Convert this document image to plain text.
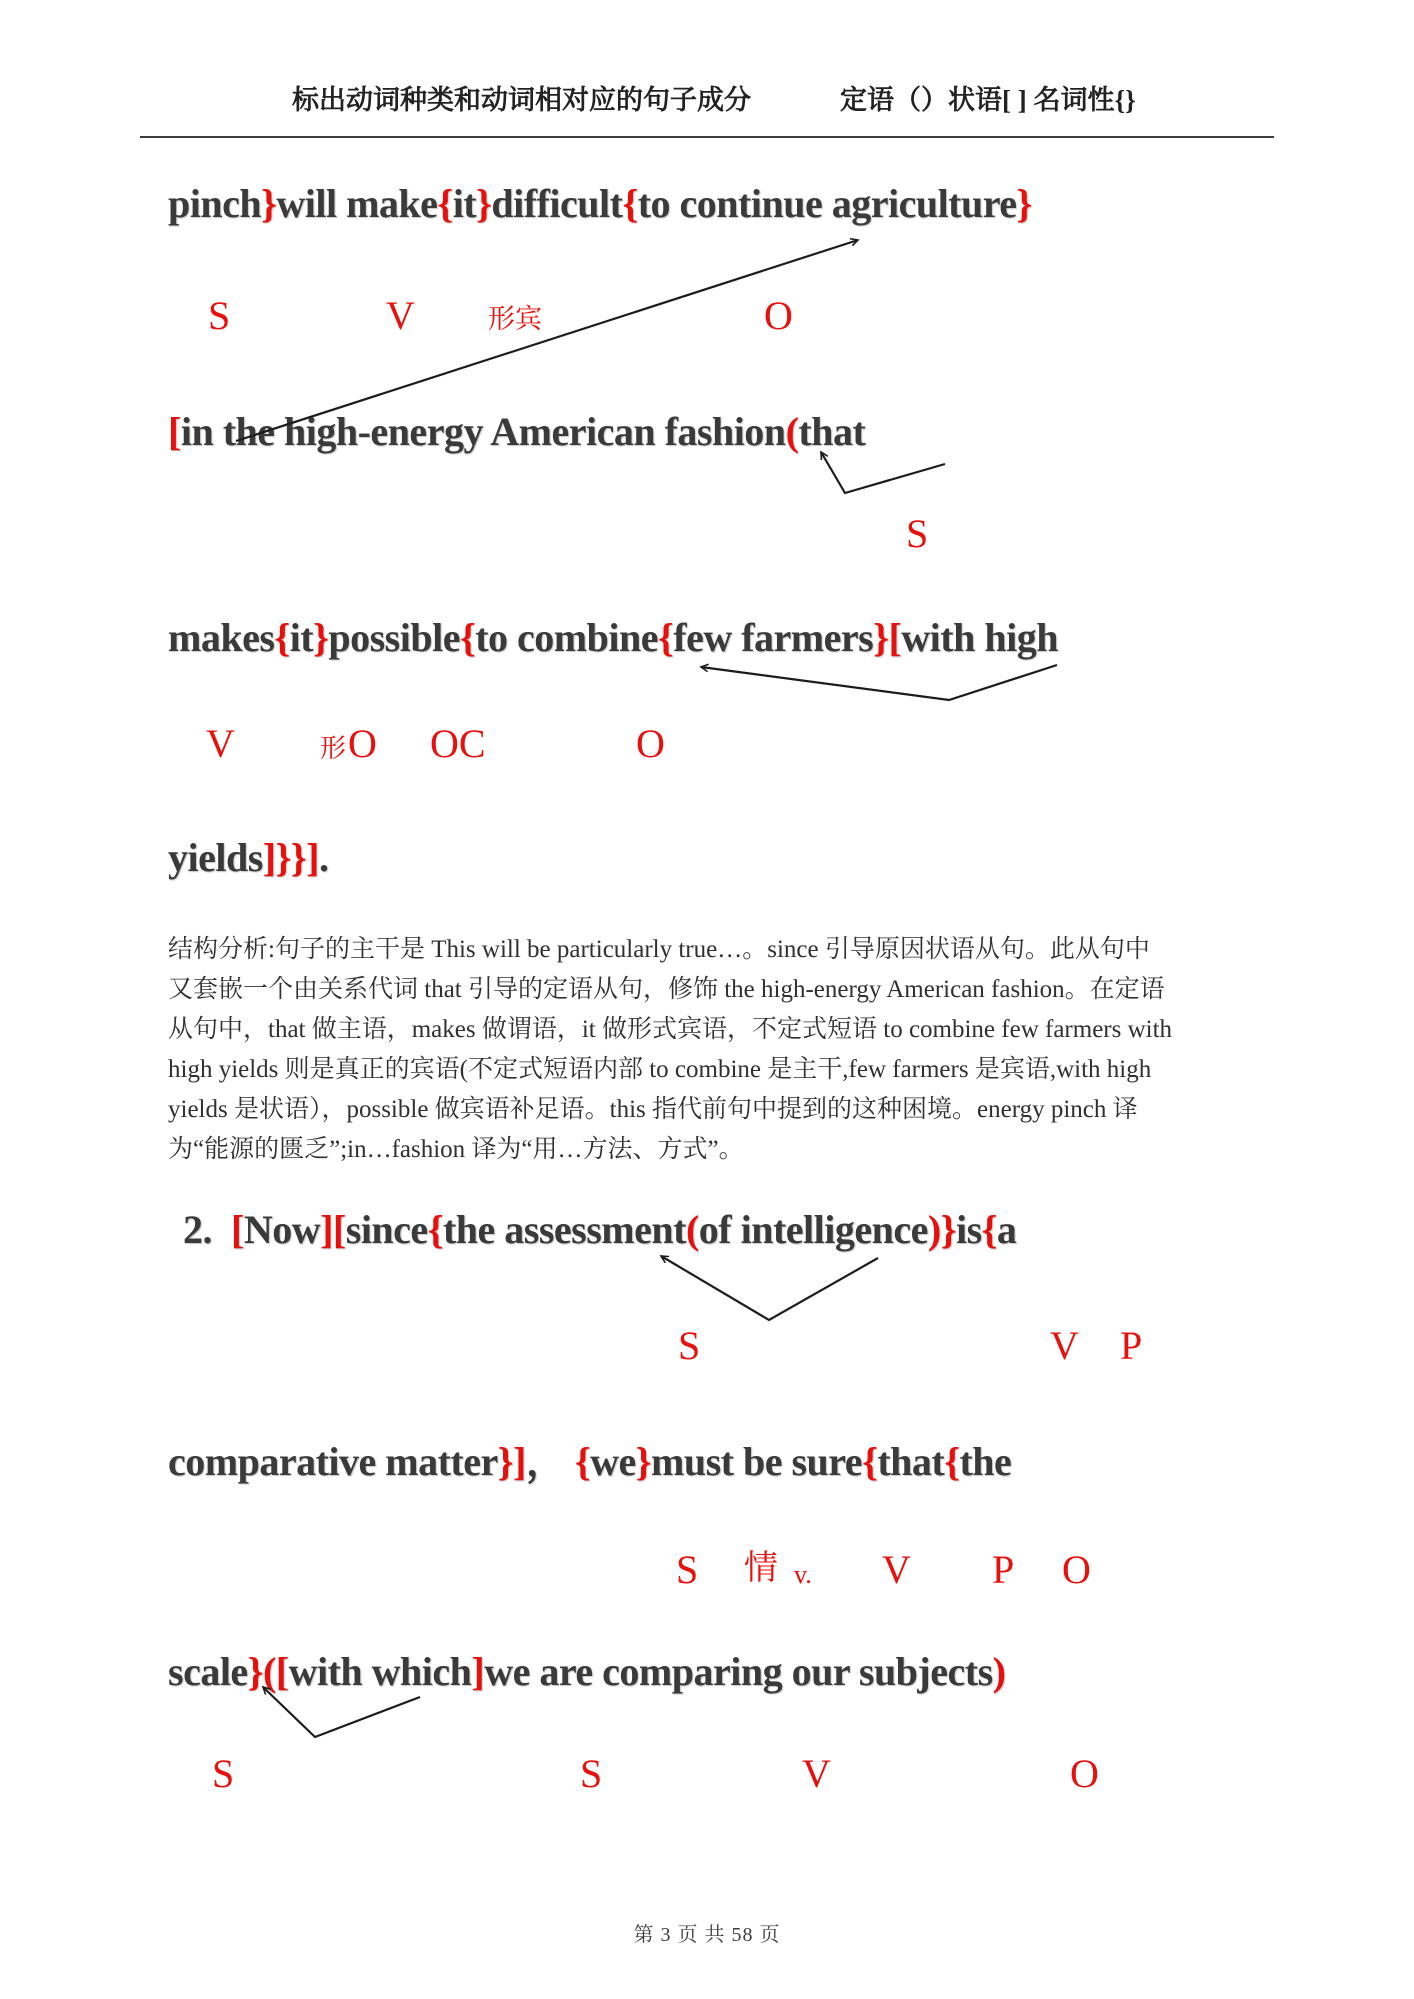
标出动词种类和动词相对应的句子成分	定语（）状语[ ] 名词性{}
pinch}will make{it}difficult{to continue agriculture}
[in the high-energy American fashion(that
makes{it}possible{to combine{few farmers}[with high
yields]}}].
结构分析:句子的主干是 This will be particularly true…。since 引导原因状语从句。此从句中
又套嵌一个由关系代词 that 引导的定语从句，修饰 the high-energy American fashion。在定语
从句中，that 做主语，makes 做谓语，it 做形式宾语，不定式短语 to combine few farmers with
high yields 则是真正的宾语(不定式短语内部 to combine 是主干,few farmers 是宾语,with high
yields 是状语），possible 做宾语补足语。this 指代前句中提到的这种困境。energy pinch 译
为“能源的匮乏”;in…fashion 译为“用…方法、方式”。
2.  [Now][since{the assessment(of intelligence)}is{a
comparative matter}]， {we}must be sure{that{the
scale}([with which]we are comparing our subjects)
S	V	形宾	O
S
V	形 O OC	O
S	V P
S 情 v. V P O
S	S	V	O
第 3 页 共 58 页
